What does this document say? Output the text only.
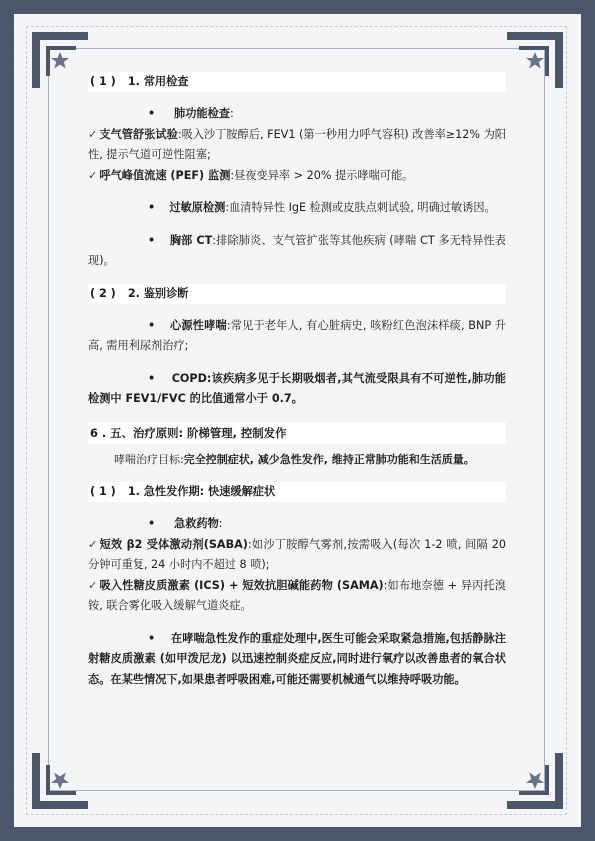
( 1 ) 1. 常用检查
•	肺功能检查:
✓ 支气管舒张试验:吸入沙丁胺醇后, FEV1 (第一秒用力呼气容积) 改善率≥12% 为阳性, 提示气道可逆性阻塞;
✓ 呼气峰值流速 (PEF) 监测:昼夜变异率 > 20% 提示哮喘可能。
• 过敏原检测:血清特异性 IgE 检测或皮肤点刺试验, 明确过敏诱因。
• 胸部 CT:排除肺炎、支气管扩张等其他疾病 (哮喘 CT 多无特异性表现)。
( 2 ) 2. 鉴别诊断
• 心源性哮喘:常见于老年人, 有心脏病史, 咳粉红色泡沫样痰, BNP 升高, 需用利尿剂治疗;
• COPD:该疾病多见于长期吸烟者,其气流受限具有不可逆性,肺功能检测中 FEV1/FVC 的比值通常小于 0.7。
6 . 五、治疗原则: 阶梯管理, 控制发作
哮喘治疗目标:完全控制症状, 减少急性发作, 维持正常肺功能和生活质量。
( 1 ) 1. 急性发作期: 快速缓解症状
•	急救药物:
✓ 短效 β2 受体激动剂(SABA):如沙丁胺醇气雾剂,按需吸入(每次 1-2 喷, 间隔 20 分钟可重复, 24 小时内不超过 8 喷);
✓ 吸入性糖皮质激素 (ICS) + 短效抗胆碱能药物 (SAMA):如布地奈德 + 异丙托溴铵, 联合雾化吸入缓解气道炎症。
• 在哮喘急性发作的重症处理中,医生可能会采取紧急措施,包括静脉注射糖皮质激素 (如甲泼尼龙) 以迅速控制炎症反应,同时进行氧疗以改善患者的氧合状态。在某些情况下,如果患者呼吸困难,可能还需要机械通气以维持呼吸功能。
